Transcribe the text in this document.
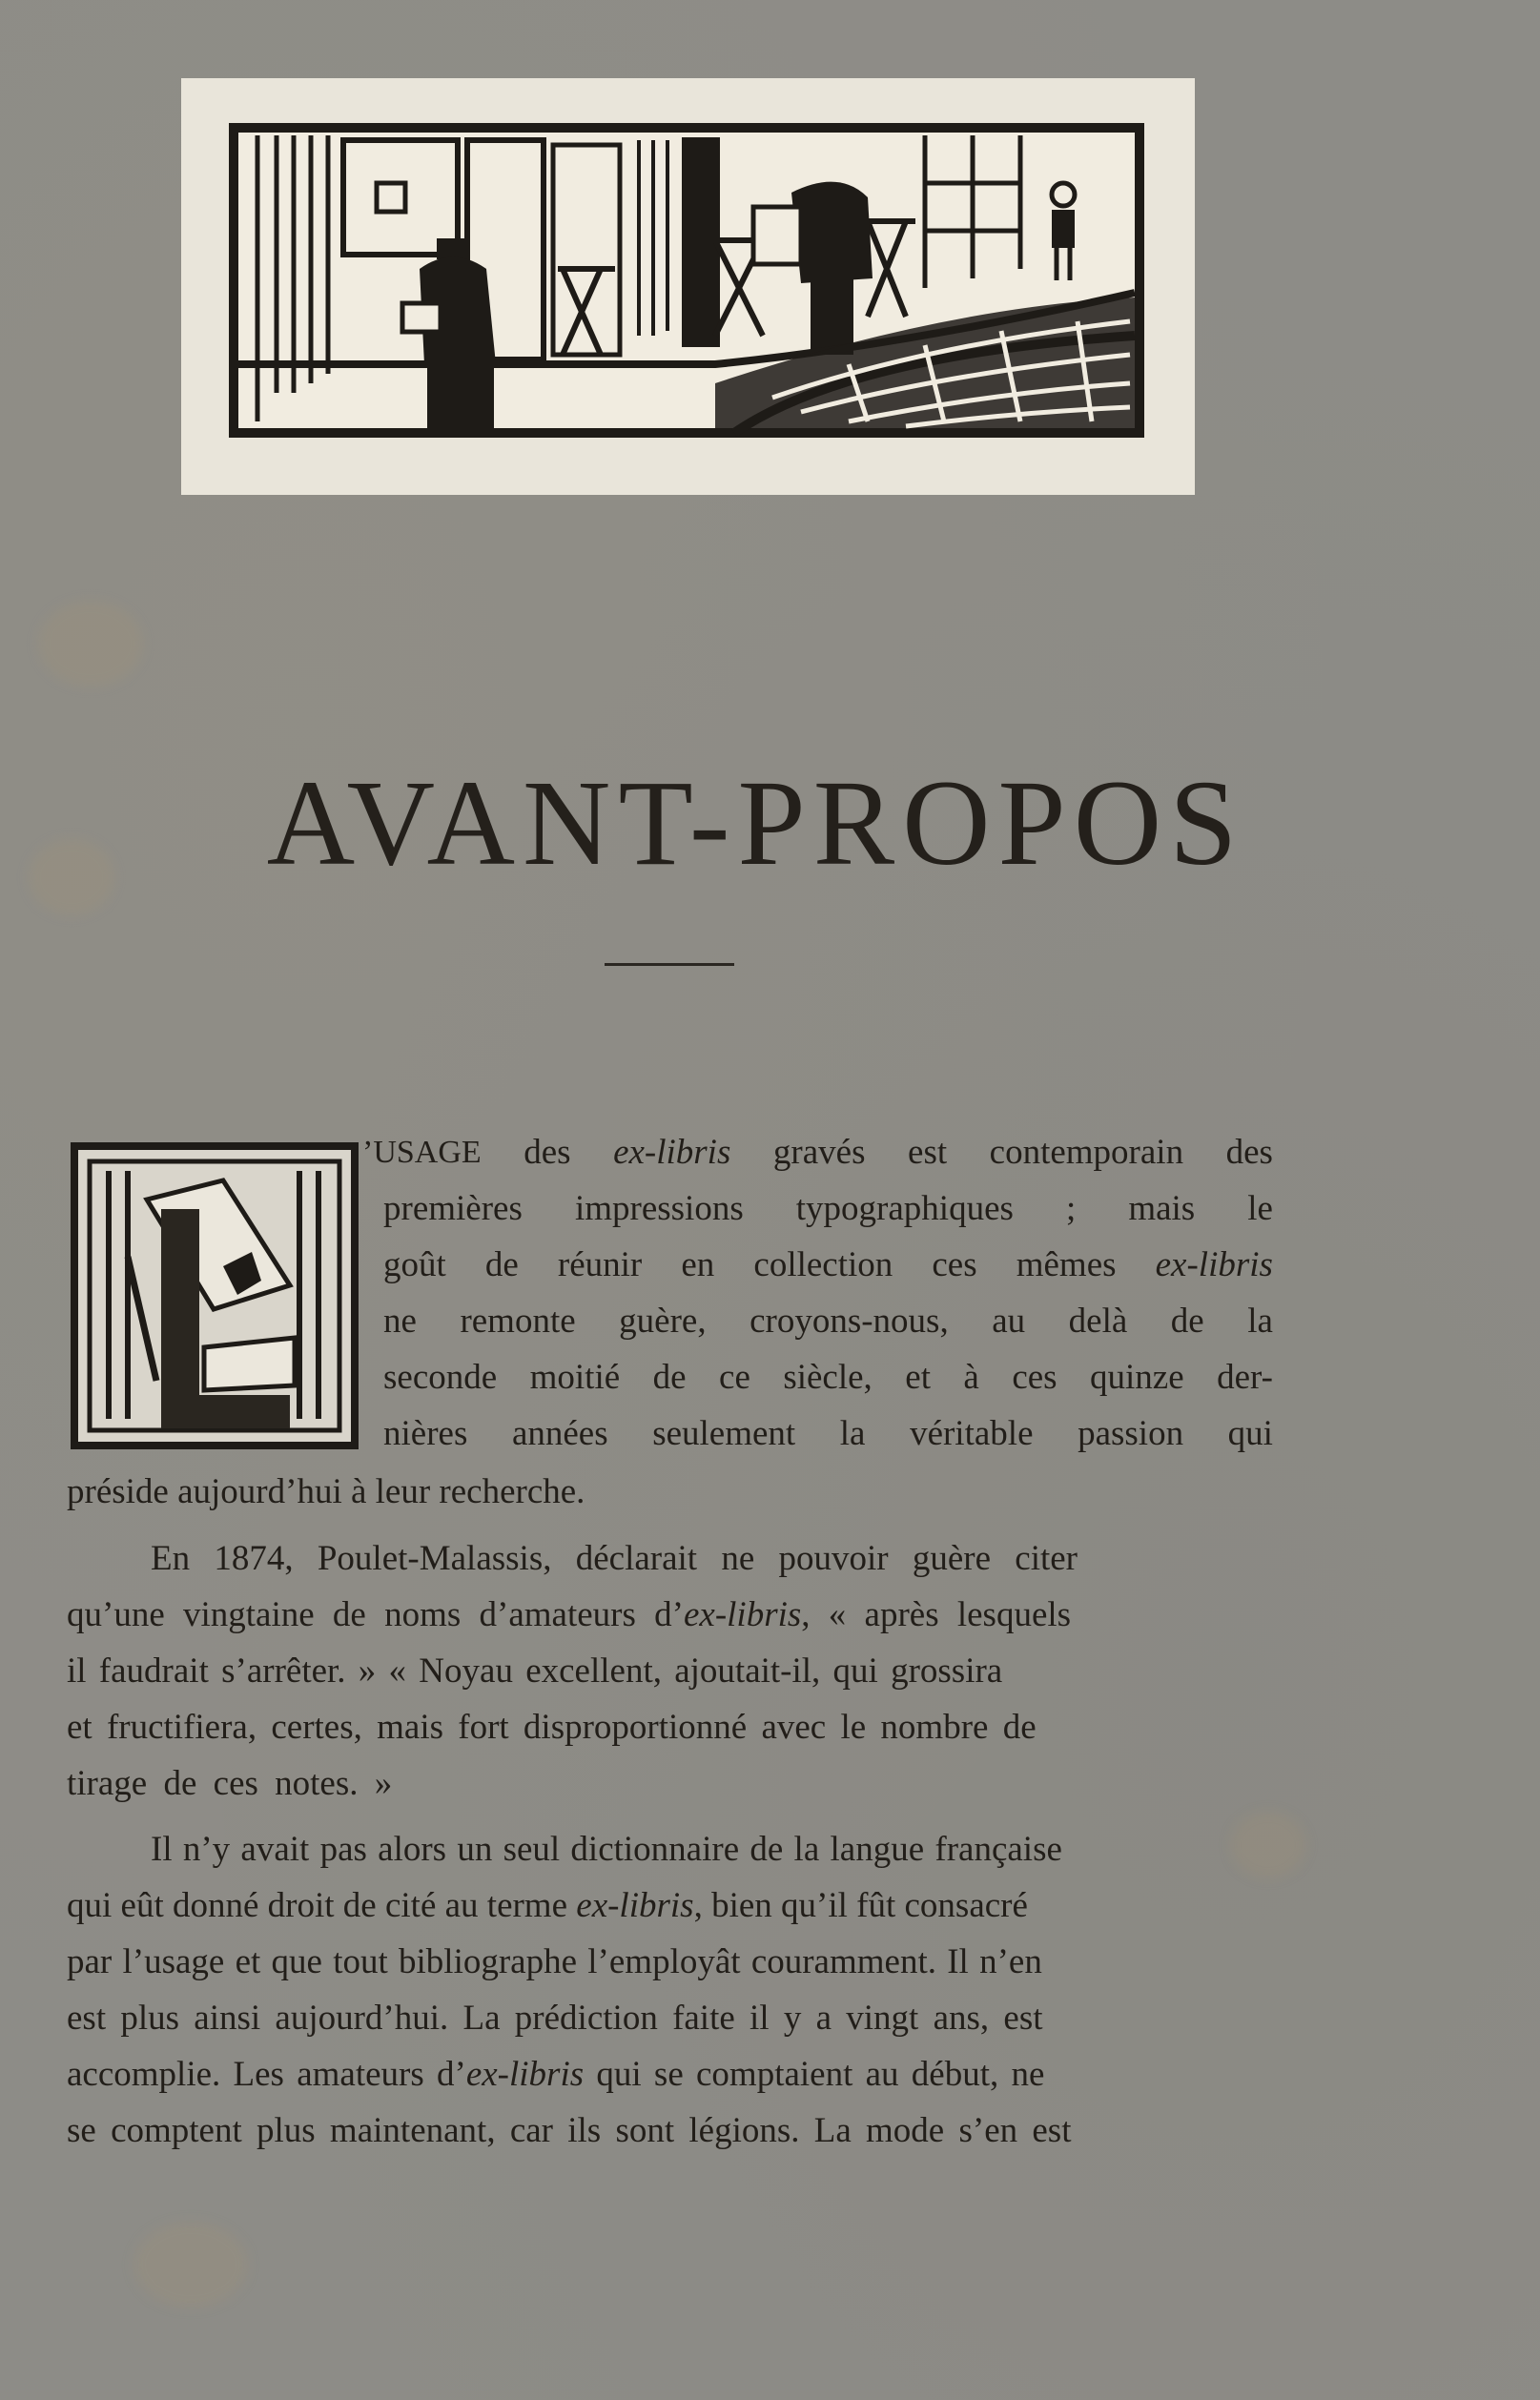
AVANT-PROPOS
’USAGE des ex-libris gravés est contemporain des
premières impressions typographiques ; mais le
goût de réunir en collection ces mêmes ex-libris
ne remonte guère, croyons-nous, au delà de la
seconde moitié de ce siècle, et à ces quinze der-
nières années seulement la véritable passion qui
préside aujourd’hui à leur recherche.
En 1874, Poulet-Malassis, déclarait ne pouvoir guère citer
qu’une vingtaine de noms d’amateurs d’ex-libris, « après lesquels
il faudrait s’arrêter. » « Noyau excellent, ajoutait-il, qui grossira
et fructifiera, certes, mais fort disproportionné avec le nombre de
tirage de ces notes. »
Il n’y avait pas alors un seul dictionnaire de la langue française
qui eût donné droit de cité au terme ex-libris, bien qu’il fût consacré
par l’usage et que tout bibliographe l’employât couramment. Il n’en
est plus ainsi aujourd’hui. La prédiction faite il y a vingt ans, est
accomplie. Les amateurs d’ex-libris qui se comptaient au début, ne
se comptent plus maintenant, car ils sont légions. La mode s’en est
